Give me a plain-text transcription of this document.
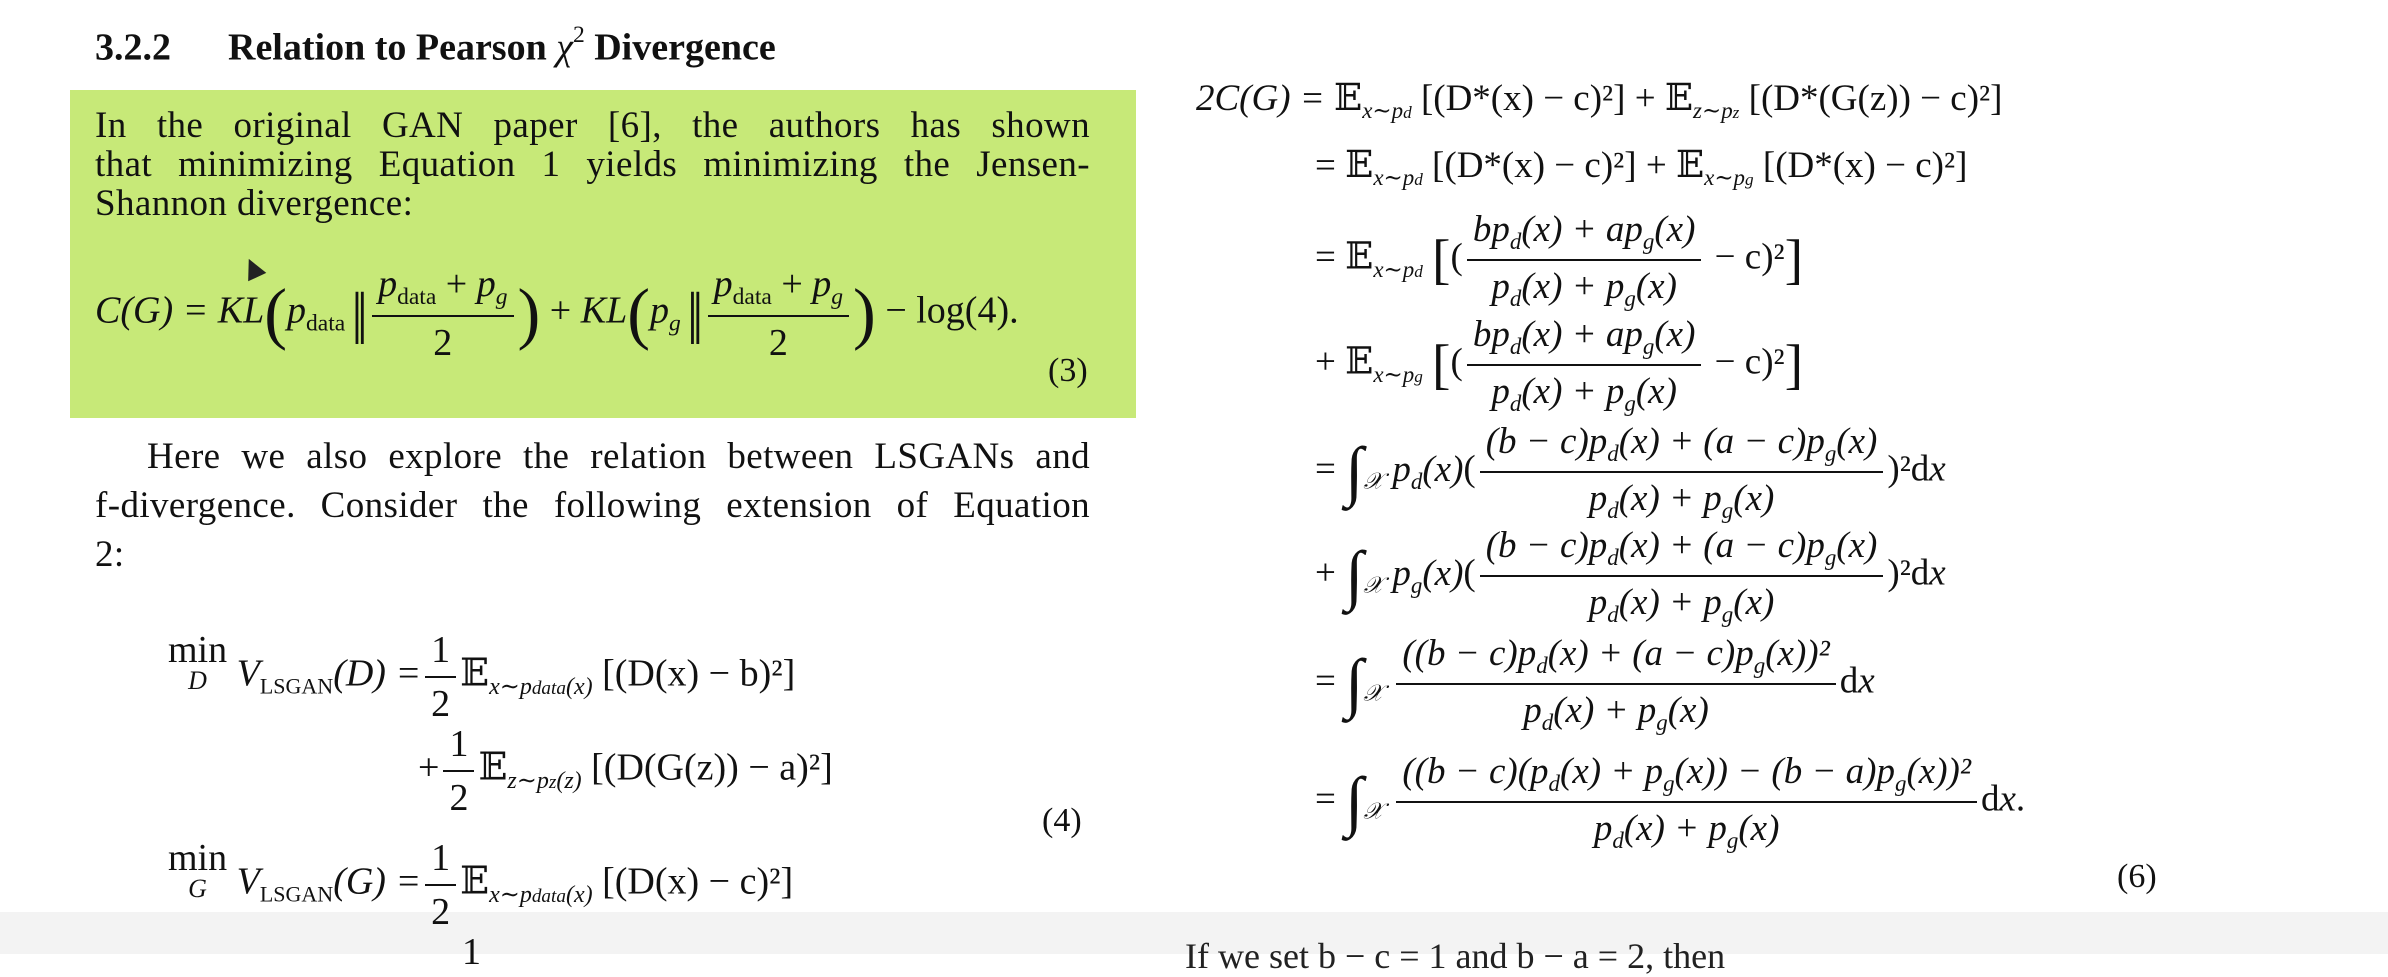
3.2.2 Relation to Pearson $\chi^2$ Divergence
In the original GAN paper [6], the authors has shown
that minimizing Equation 1 yields minimizing the Jensen-
Shannon divergence:
$C(G) = KL(p_{data}$ || $\frac{p_{data} + p_g}{2}$ ) + $KL(p_g$ || $\frac{p_{data} + p_g}{2}$ ) − log(4).
(3)
Here we also explore the relation between LSGANs and
f-divergence. Consider the following extension of Equation
2:
min
D $V_{LSGAN}(D) = \frac{1}{2}$ 𝔼$_{x\sim pdata(x)}$ [(D(x) − b)²]
+ $\frac{1}{2}$ 𝔼$_{z\sim pz(z)}$ [(D(G(z)) − a)²]
(4)
min
G $V_{LSGAN}(G) = \frac{1}{2}$ 𝔼$_{x\sim pdata(x)}$ [(D(x) − c)²]
1
2C(G) = 𝔼$_{x\sim pd}$ [(D*(x) − c)²] + 𝔼$_{z\sim pz}$ [(D*(G(z)) − c)²]
= 𝔼$_{x\sim pd}$ [(D*(x) − c)²] + 𝔼$_{x\sim pg}$ [(D*(x) − c)²]
= 𝔼$_{x\sim pd}$ [( $\frac{bp_d(x) + ap_g(x)}{p_d(x) + p_g(x)} - c)^2$]
+ 𝔼$_{x\sim pg}$ [( $\frac{bp_d(x) + ap_g(x)}{p_d(x) + p_g(x)} - c)^2$]
= $\int_𝒳$ $p_d(x)( \frac{(b - c)p_d(x) + (a - c)p_g(x)}{p_d(x) + p_g(x)} )^2dx$
+ $\int_𝒳$ $p_g(x)( \frac{(b - c)p_d(x) + (a - c)p_g(x)}{p_d(x) + p_g(x)} )^2dx$
= $\int_𝒳 \frac{((b - c)p_d(x) + (a - c)p_g(x))^2}{p_d(x) + p_g(x)}$ dx
= $\int_𝒳 \frac{((b - c)(p_d(x) + p_g(x)) - (b - a)p_g(x))^2}{p_d(x) + p_g(x)}$ dx.
(6)
If we set b − c = 1 and b − a = 2, then
